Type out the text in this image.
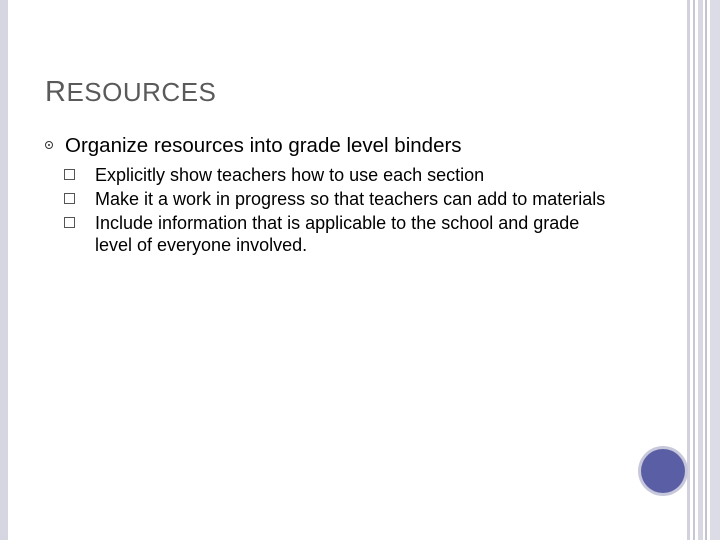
RESOURCES
Organize resources into grade level binders
Explicitly show teachers how to use each section
Make it a work in progress so that teachers can add to materials
Include information that is applicable to the school and grade level of everyone involved.
